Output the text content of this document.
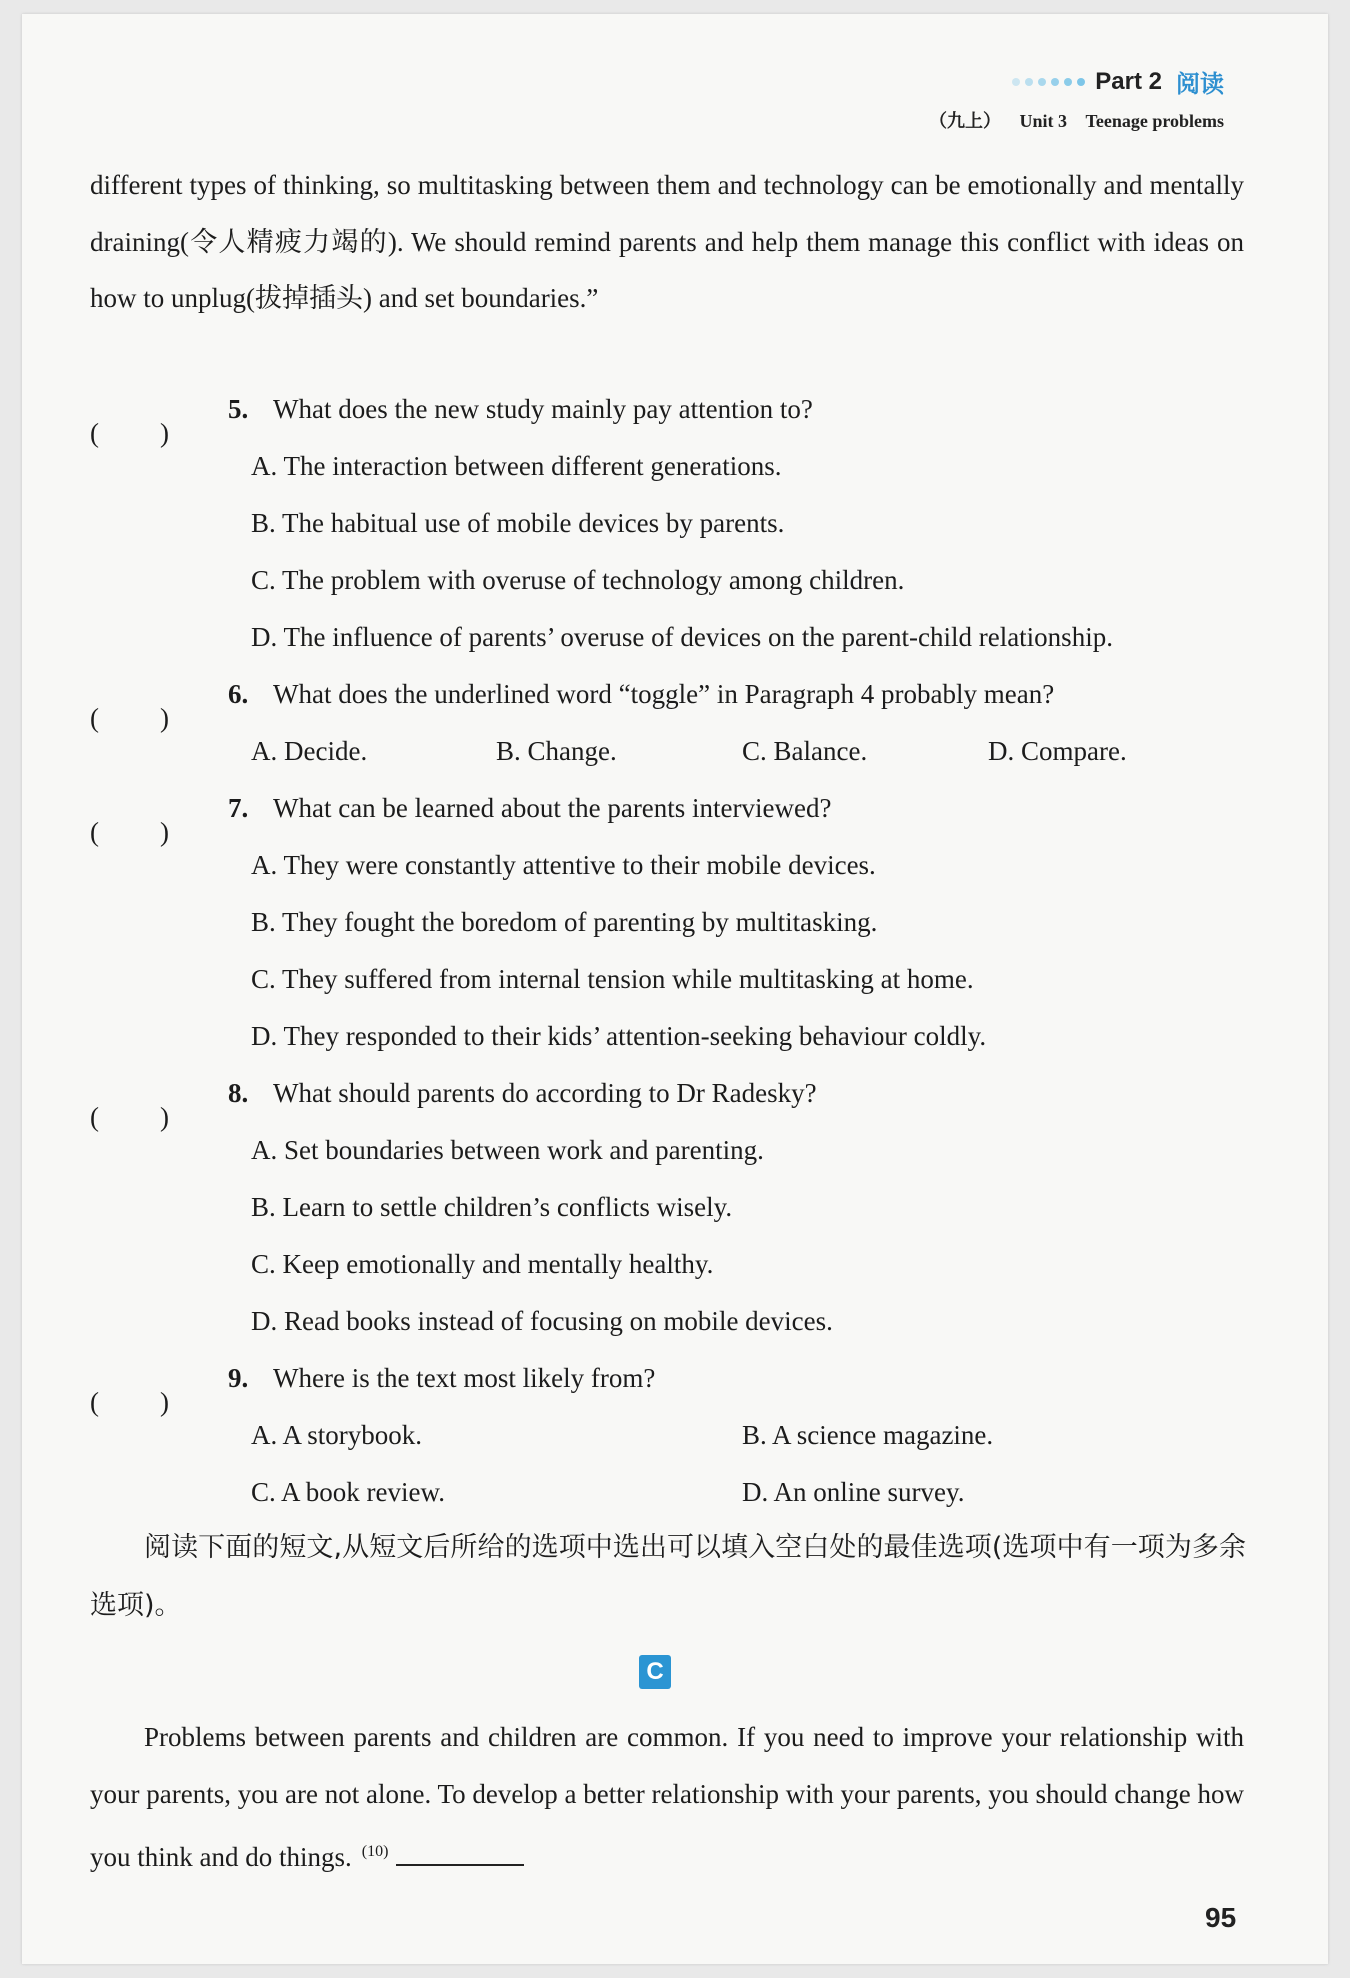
Part 2 阅读
（九上） Unit 3 Teenage problems
different types of thinking, so multitasking between them and technology can be emotionally and mentally draining(令人精疲力竭的). We should remind parents and help them manage this conflict with ideas on how to unplug(拔掉插头) and set boundaries.”
( )
5. What does the new study mainly pay attention to?
A. The interaction between different generations.
B. The habitual use of mobile devices by parents.
C. The problem with overuse of technology among children.
D. The influence of parents’ overuse of devices on the parent-child relationship.
( )
6. What does the underlined word “toggle” in Paragraph 4 probably mean?
A. Decide.	B. Change.	C. Balance.	D. Compare.
( )
7. What can be learned about the parents interviewed?
A. They were constantly attentive to their mobile devices.
B. They fought the boredom of parenting by multitasking.
C. They suffered from internal tension while multitasking at home.
D. They responded to their kids’ attention-seeking behaviour coldly.
( )
8. What should parents do according to Dr Radesky?
A. Set boundaries between work and parenting.
B. Learn to settle children’s conflicts wisely.
C. Keep emotionally and mentally healthy.
D. Read books instead of focusing on mobile devices.
( )
9. Where is the text most likely from?
A. A storybook.	B. A science magazine.
C. A book review.	D. An online survey.
阅读下面的短文,从短文后所给的选项中选出可以填入空白处的最佳选项(选项中有一项为多余选项)。
C
Problems between parents and children are common. If you need to improve your relationship with your parents, you are not alone. To develop a better relationship with your parents, you should change how you think and do things. $^{(10)}$
95
